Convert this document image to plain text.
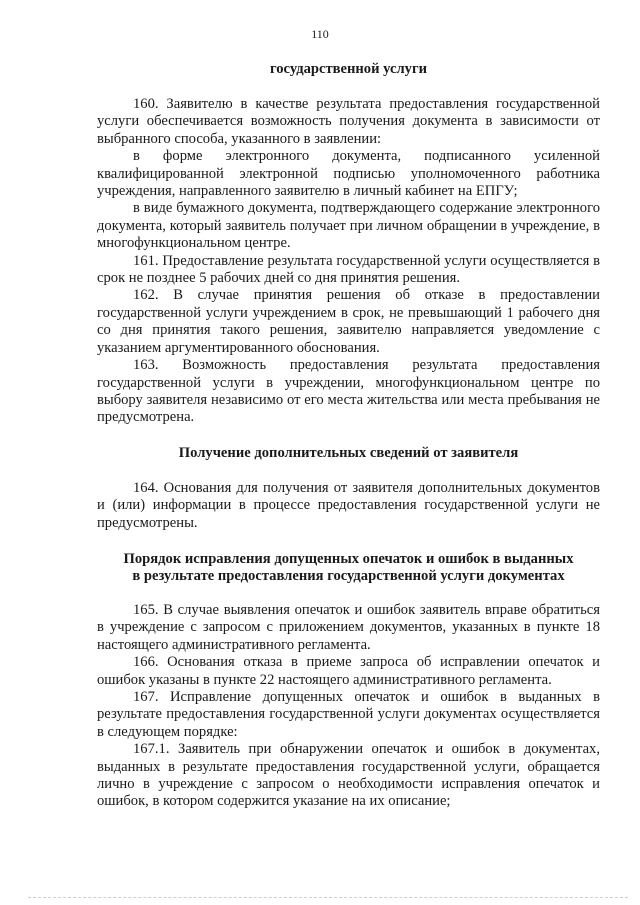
110

государственной услуги

160. Заявителю в качестве результата предоставления государственной услуги обеспечивается возможность получения документа в зависимости от выбранного способа, указанного в заявлении:

в форме электронного документа, подписанного усиленной квалифицированной электронной подписью уполномоченного работника учреждения, направленного заявителю в личный кабинет на ЕПГУ;

в виде бумажного документа, подтверждающего содержание электронного документа, который заявитель получает при личном обращении в учреждение, в многофункциональном центре.

161. Предоставление результата государственной услуги осуществляется в срок не позднее 5 рабочих дней со дня принятия решения.

162. В случае принятия решения об отказе в предоставлении государственной услуги учреждением в срок, не превышающий 1 рабочего дня со дня принятия такого решения, заявителю направляется уведомление с указанием аргументированного обоснования.

163. Возможность предоставления результата предоставления государственной услуги в учреждении, многофункциональном центре по выбору заявителя независимо от его места жительства или места пребывания не предусмотрена.

Получение дополнительных сведений от заявителя

164. Основания для получения от заявителя дополнительных документов и (или) информации в процессе предоставления государственной услуги не предусмотрены.

Порядок исправления допущенных опечаток и ошибок в выданных

в результате предоставления государственной услуги документах

165. В случае выявления опечаток и ошибок заявитель вправе обратиться в учреждение с запросом с приложением документов, указанных в пункте 18 настоящего административного регламента.

166. Основания отказа в приеме запроса об исправлении опечаток и ошибок указаны в пункте 22 настоящего административного регламента.

167. Исправление допущенных опечаток и ошибок в выданных в результате предоставления государственной услуги документах осуществляется в следующем порядке:

167.1. Заявитель при обнаружении опечаток и ошибок в документах, выданных в результате предоставления государственной услуги, обращается лично в учреждение с запросом о необходимости исправления опечаток и ошибок, в котором содержится указание на их описание;
